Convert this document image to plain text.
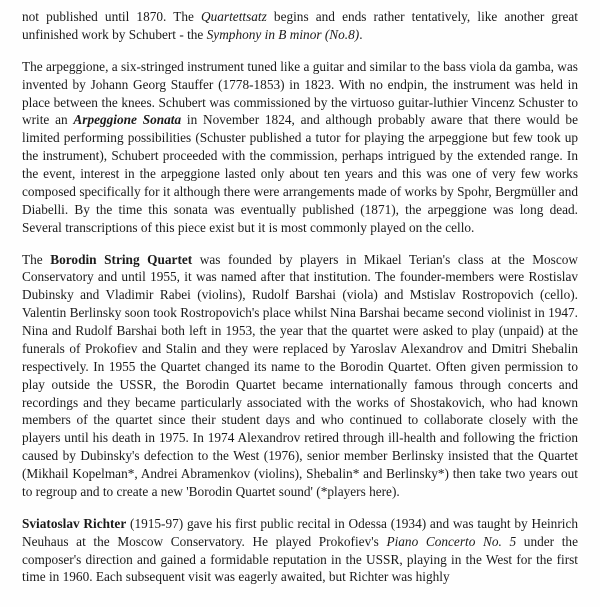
not published until 1870. The Quartettsatz begins and ends rather tentatively, like another great unfinished work by Schubert - the Symphony in B minor (No.8).
The arpeggione, a six-stringed instrument tuned like a guitar and similar to the bass viola da gamba, was invented by Johann Georg Stauffer (1778-1853) in 1823. With no endpin, the instrument was held in place between the knees. Schubert was commissioned by the virtuoso guitar-luthier Vincenz Schuster to write an Arpeggione Sonata in November 1824, and although probably aware that there would be limited performing possibilities (Schuster published a tutor for playing the arpeggione but few took up the instrument), Schubert proceeded with the commission, perhaps intrigued by the extended range. In the event, interest in the arpeggione lasted only about ten years and this was one of very few works composed specifically for it although there were arrangements made of works by Spohr, Bergmüller and Diabelli. By the time this sonata was eventually published (1871), the arpeggione was long dead. Several transcriptions of this piece exist but it is most commonly played on the cello.
The Borodin String Quartet was founded by players in Mikael Terian's class at the Moscow Conservatory and until 1955, it was named after that institution. The founder-members were Rostislav Dubinsky and Vladimir Rabei (violins), Rudolf Barshai (viola) and Mstislav Rostropovich (cello). Valentin Berlinsky soon took Rostropovich's place whilst Nina Barshai became second violinist in 1947. Nina and Rudolf Barshai both left in 1953, the year that the quartet were asked to play (unpaid) at the funerals of Prokofiev and Stalin and they were replaced by Yaroslav Alexandrov and Dmitri Shebalin respectively. In 1955 the Quartet changed its name to the Borodin Quartet. Often given permission to play outside the USSR, the Borodin Quartet became internationally famous through concerts and recordings and they became particularly associated with the works of Shostakovich, who had known members of the quartet since their student days and who continued to collaborate closely with the players until his death in 1975. In 1974 Alexandrov retired through ill-health and following the friction caused by Dubinsky's defection to the West (1976), senior member Berlinsky insisted that the Quartet (Mikhail Kopelman*, Andrei Abramenkov (violins), Shebalin* and Berlinsky*) then take two years out to regroup and to create a new 'Borodin Quartet sound' (*players here).
Sviatoslav Richter (1915-97) gave his first public recital in Odessa (1934) and was taught by Heinrich Neuhaus at the Moscow Conservatory. He played Prokofiev's Piano Concerto No. 5 under the composer's direction and gained a formidable reputation in the USSR, playing in the West for the first time in 1960. Each subsequent visit was eagerly awaited, but Richter was highly
